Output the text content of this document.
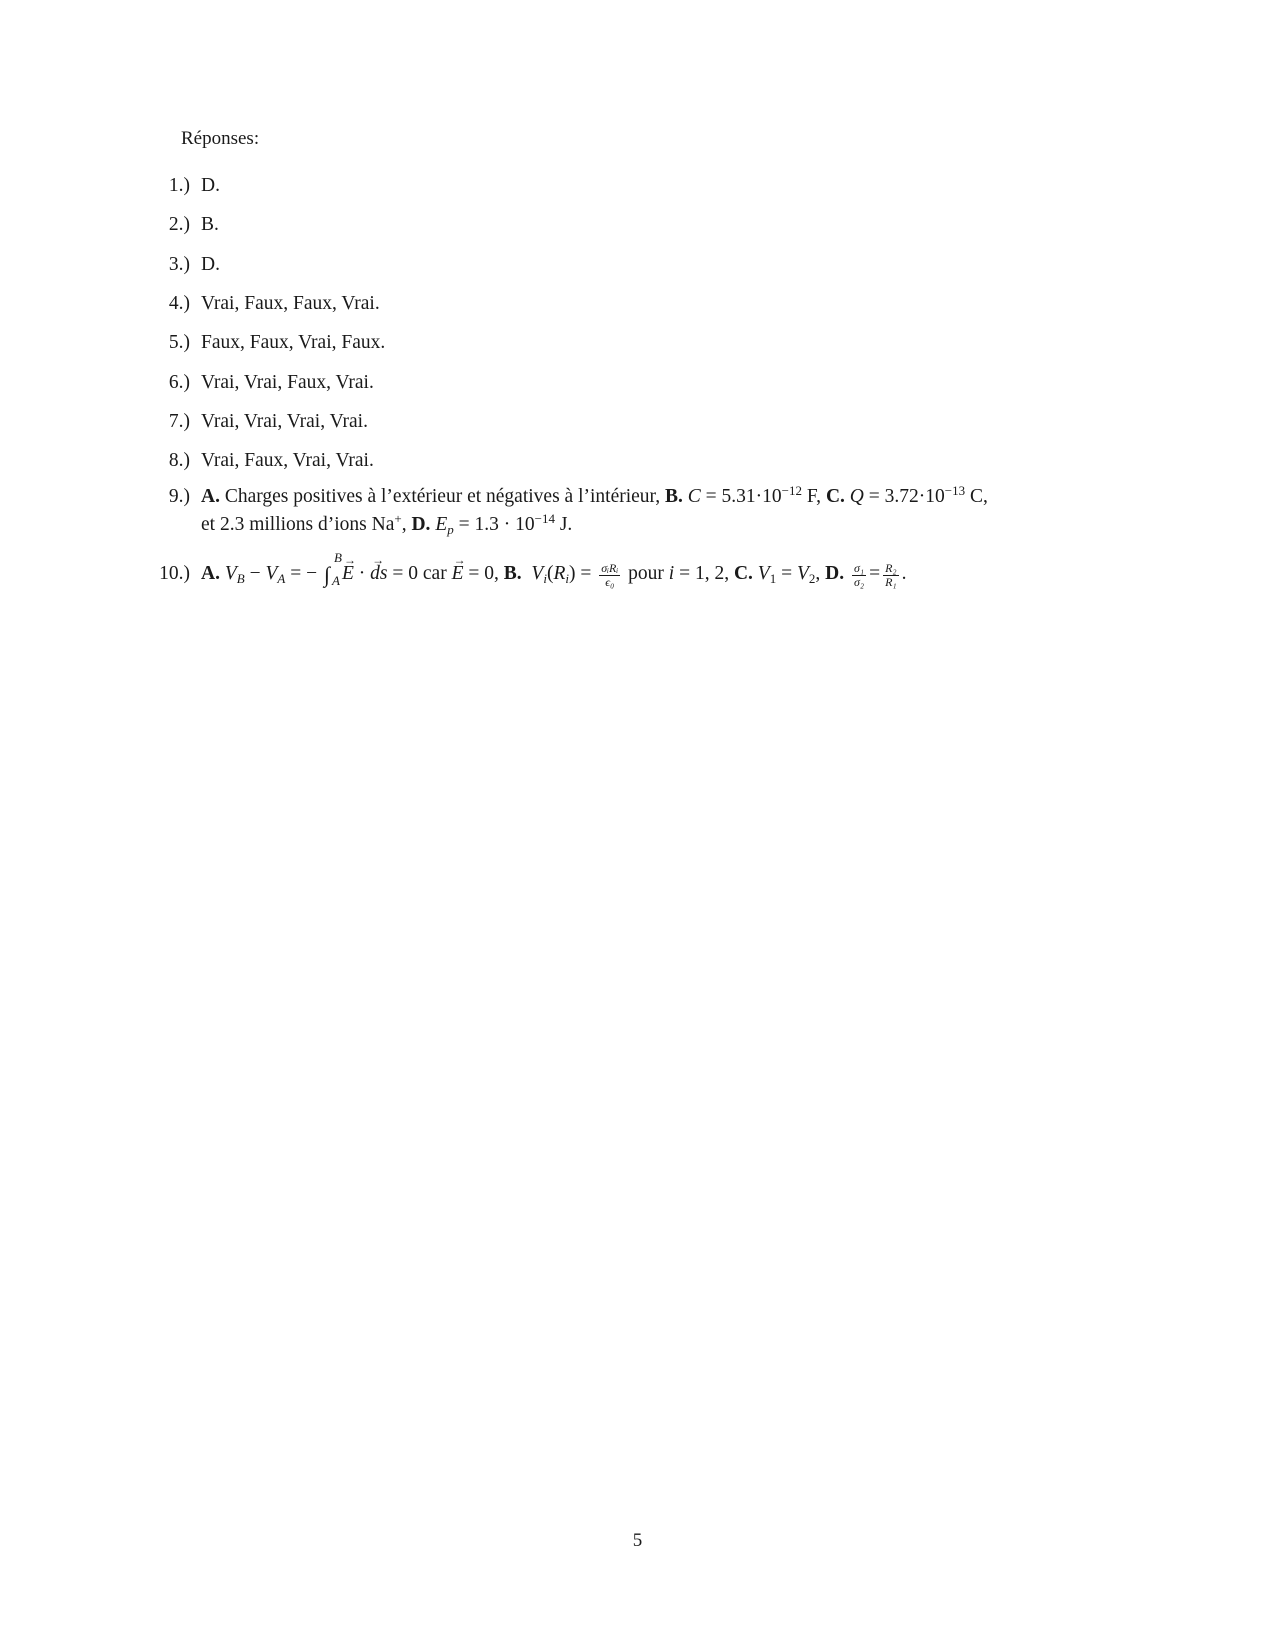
Réponses:
1.) D.
2.) B.
3.) D.
4.) Vrai, Faux, Faux, Vrai.
5.) Faux, Faux, Vrai, Faux.
6.) Vrai, Vrai, Faux, Vrai.
7.) Vrai, Vrai, Vrai, Vrai.
8.) Vrai, Faux, Vrai, Vrai.
9.) A. Charges positives à l’extérieur et négatives à l’intérieur, B. $C = 5.31\cdot 10^{-12}$ F, C. $Q = 3.72\cdot 10^{-13}$ C,
et 2.3 millions d’ions Na+, D. $E_p = 1.3 \cdot 10^{-14}$ J.
10.) A. $V_B - V_A$ = − ∫
B
A → E · → ds = 0 car → E = 0, B. $V_i(R_i) = \frac{\text{σᵢRᵢ}}{\text{ϵ₀}}$ pour i = 1, 2, C. $V_1 = V_2$, D. $\frac{\text{σ₁}}{\text{σ₂}} = \frac{\text{R₂}}{\text{R₁}}$ .
5
